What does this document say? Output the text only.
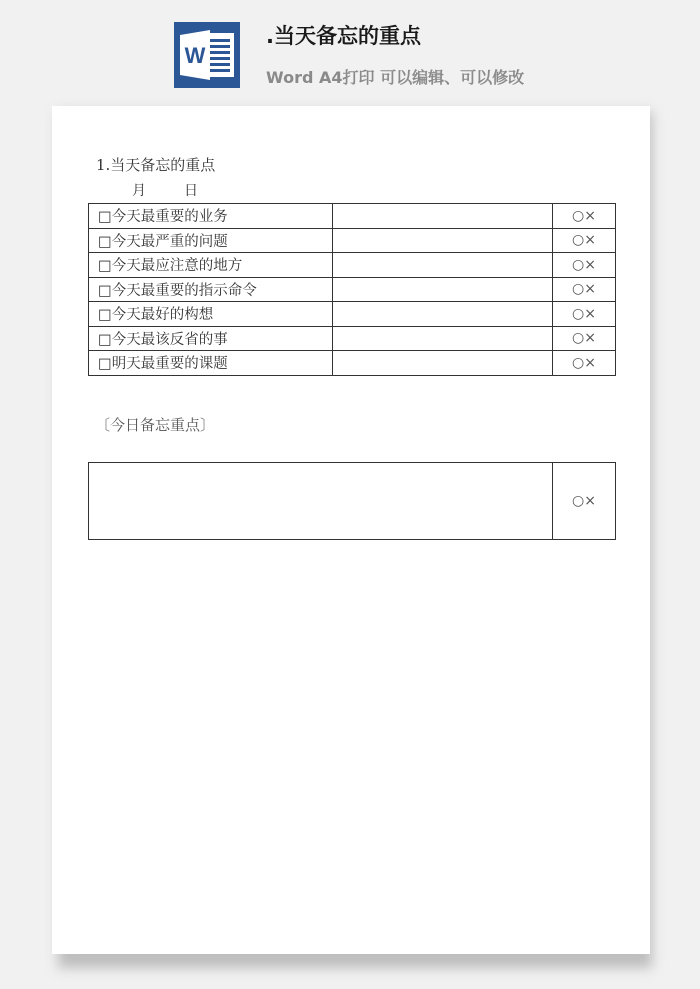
W
.当天备忘的重点
Word A4打印 可以编辑、可以修改
1.当天备忘的重点
月	日
□今天最重要的业务		○×
□今天最严重的问题		○×
□今天最应注意的地方		○×
□今天最重要的指示命令		○×
□今天最好的构想		○×
□今天最该反省的事		○×
□明天最重要的课题		○×
〔今日备忘重点〕
	○×
